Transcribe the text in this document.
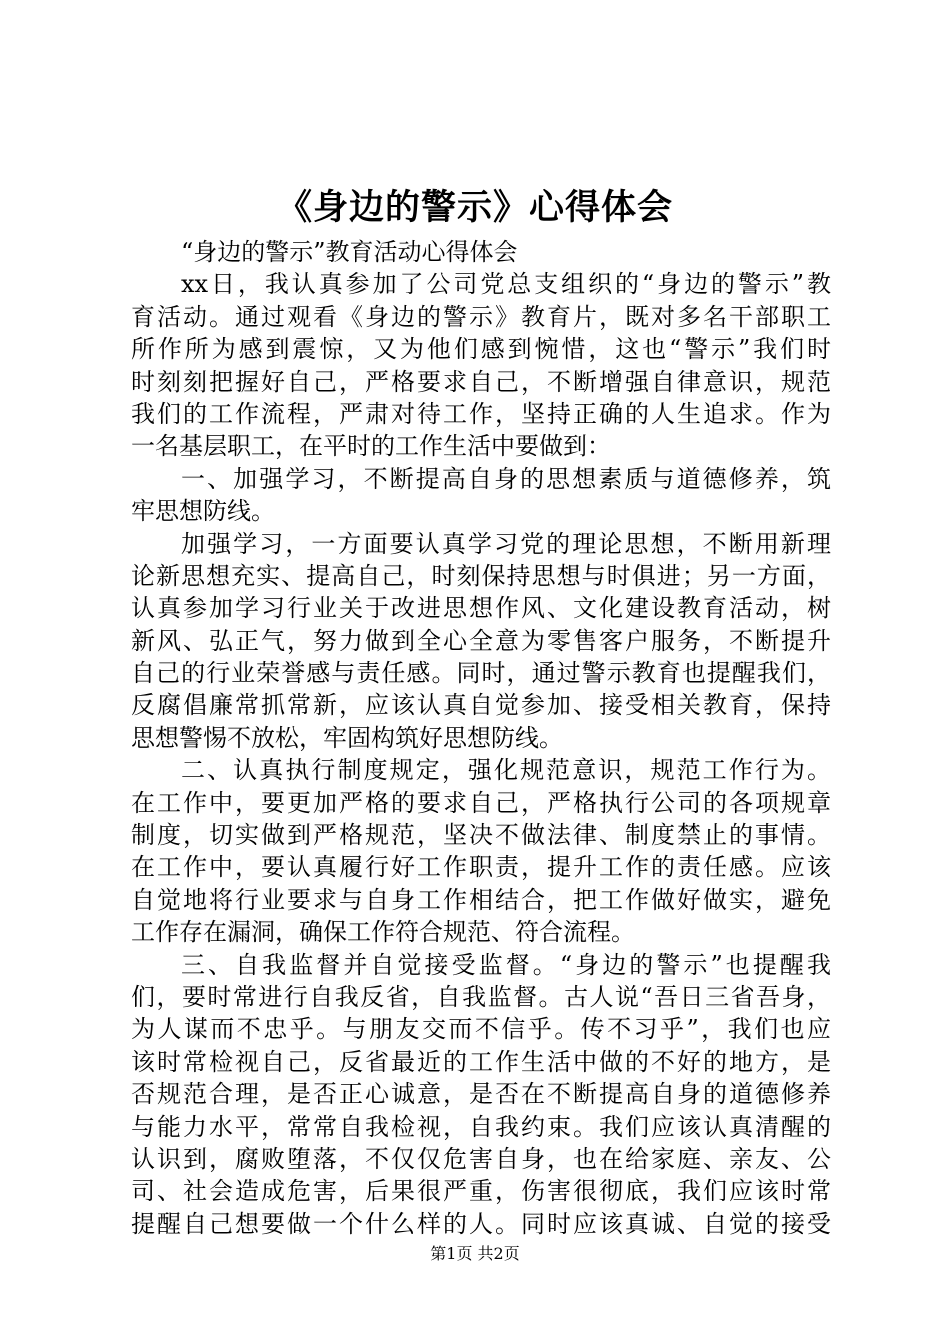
《身边的警示》心得体会
“身边的警示”教育活动心得体会
xx日，我认真参加了公司党总支组织的“身边的警示”教
育活动。通过观看《身边的警示》教育片，既对多名干部职工
所作所为感到震惊，又为他们感到惋惜，这也“警示”我们时
时刻刻把握好自己，严格要求自己，不断增强自律意识，规范
我们的工作流程，严肃对待工作，坚持正确的人生追求。作为
一名基层职工，在平时的工作生活中要做到：
一、加强学习，不断提高自身的思想素质与道德修养，筑
牢思想防线。
加强学习，一方面要认真学习党的理论思想，不断用新理
论新思想充实、提高自己，时刻保持思想与时俱进；另一方面，
认真参加学习行业关于改进思想作风、文化建设教育活动，树
新风、弘正气，努力做到全心全意为零售客户服务，不断提升
自己的行业荣誉感与责任感。同时，通过警示教育也提醒我们，
反腐倡廉常抓常新，应该认真自觉参加、接受相关教育，保持
思想警惕不放松，牢固构筑好思想防线。
二、认真执行制度规定，强化规范意识，规范工作行为。
在工作中，要更加严格的要求自己，严格执行公司的各项规章
制度，切实做到严格规范，坚决不做法律、制度禁止的事情。
在工作中，要认真履行好工作职责，提升工作的责任感。应该
自觉地将行业要求与自身工作相结合，把工作做好做实，避免
工作存在漏洞，确保工作符合规范、符合流程。
三、自我监督并自觉接受监督。“身边的警示”也提醒我
们，要时常进行自我反省，自我监督。古人说“吾日三省吾身，
为人谋而不忠乎。与朋友交而不信乎。传不习乎”，我们也应
该时常检视自己，反省最近的工作生活中做的不好的地方，是
否规范合理，是否正心诚意，是否在不断提高自身的道德修养
与能力水平，常常自我检视，自我约束。我们应该认真清醒的
认识到，腐败堕落，不仅仅危害自身，也在给家庭、亲友、公
司、社会造成危害，后果很严重，伤害很彻底，我们应该时常
提醒自己想要做一个什么样的人。同时应该真诚、自觉的接受
第1页 共2页
